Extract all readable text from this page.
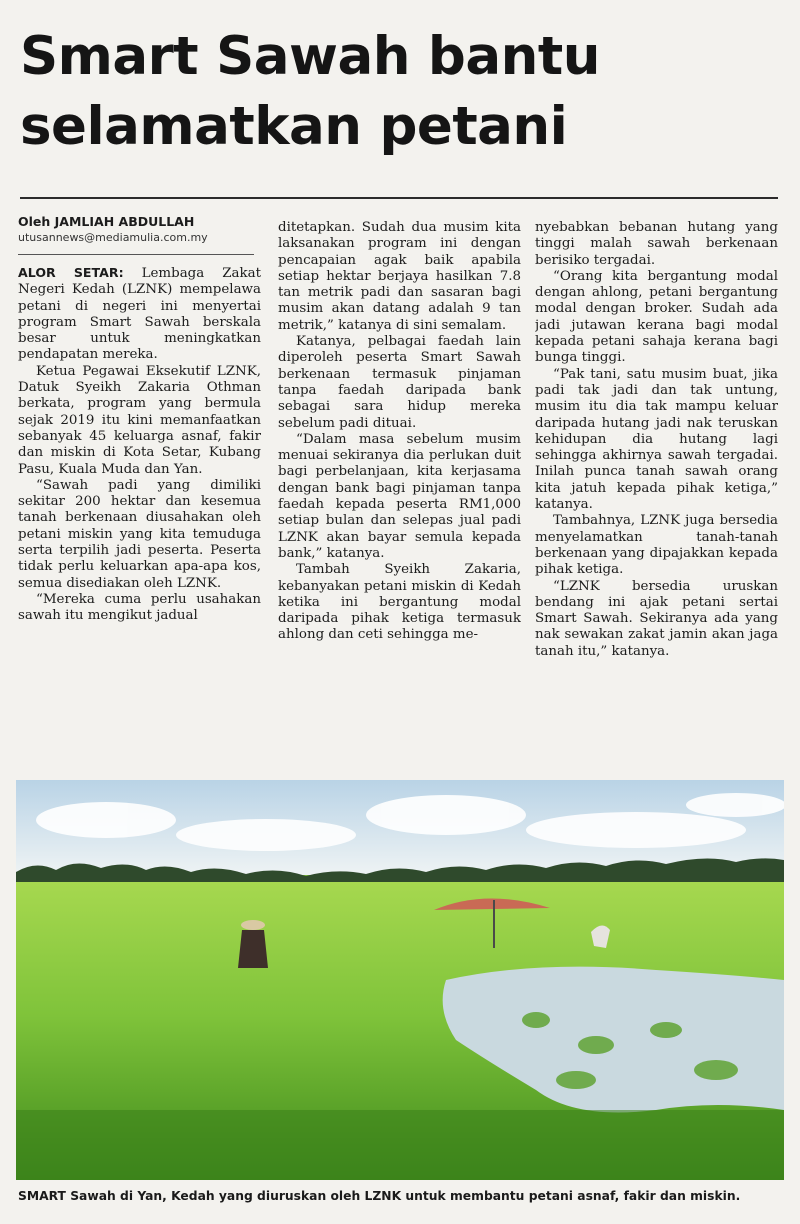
Smart Sawah bantu
selamatkan petani
Oleh JAMLIAH ABDULLAH
utusannews@mediamulia.com.my

ALOR SETAR: Lembaga Zakat Negeri Kedah (LZNK) mempelawa petani di negeri ini menyertai program Smart Sawah berskala besar untuk meningkatkan pendapatan mereka.

Ketua Pegawai Eksekutif LZNK, Datuk Syeikh Zakaria Othman berkata, program yang bermula sejak 2019 itu kini memanfaatkan sebanyak 45 keluarga asnaf, fakir dan miskin di Kota Setar, Kubang Pasu, Kuala Muda dan Yan.

“Sawah padi yang dimiliki sekitar 200 hektar dan kesemua tanah berkenaan diusahakan oleh petani miskin yang kita temuduga serta terpilih jadi peserta. Peserta tidak perlu keluarkan apa-apa kos, semua disediakan oleh LZNK.

“Mereka cuma perlu usahakan sawah itu mengikut jadual

ditetapkan. Sudah dua musim kita laksanakan program ini dengan pencapaian agak baik apabila setiap hektar berjaya hasilkan 7.8 tan metrik padi dan sasaran bagi musim akan datang adalah 9 tan metrik,” katanya di sini semalam.

Katanya, pelbagai faedah lain diperoleh peserta Smart Sawah berkenaan termasuk pinjaman tanpa faedah daripada bank sebagai sara hidup mereka sebelum padi dituai.

“Dalam masa sebelum musim menuai sekiranya dia perlukan duit bagi perbelanjaan, kita kerjasama dengan bank bagi pinjaman tanpa faedah kepada peserta RM1,000 setiap bulan dan selepas jual padi LZNK akan bayar semula kepada bank,” katanya.

Tambah Syeikh Zakaria, kebanyakan petani miskin di Kedah ketika ini bergantung modal daripada pihak ketiga termasuk ahlong dan ceti sehingga me-

nyebabkan bebanan hutang yang tinggi malah sawah berkenaan berisiko tergadai.

“Orang kita bergantung modal dengan ahlong, petani bergantung modal dengan broker. Sudah ada jadi jutawan kerana bagi modal kepada petani sahaja kerana bagi bunga tinggi.

“Pak tani, satu musim buat, jika padi tak jadi dan tak untung, musim itu dia tak mampu keluar daripada hutang jadi nak teruskan kehidupan dia hutang lagi sehingga akhirnya sawah tergadai. Inilah punca tanah sawah orang kita jatuh kepada pihak ketiga,” katanya.

Tambahnya, LZNK juga bersedia menyelamatkan tanah-tanah berkenaan yang dipajakkan kepada pihak ketiga.

“LZNK bersedia uruskan bendang ini ajak petani sertai Smart Sawah. Sekiranya ada yang nak sewakan zakat jamin akan jaga tanah itu,” katanya.

SMART Sawah di Yan, Kedah yang diuruskan oleh LZNK untuk membantu petani asnaf, fakir dan miskin.
